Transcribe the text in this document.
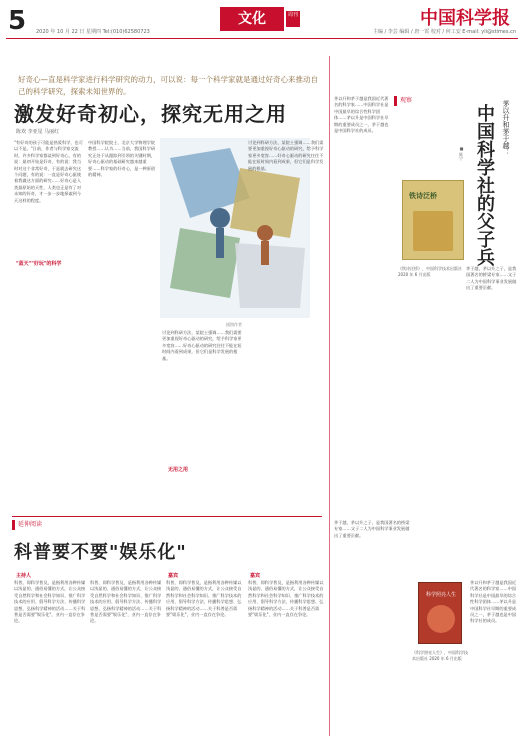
5 2020 年 10 月 22 日 星期四 Tel:(010)62580723
文化	周刊	中国科学报
主编 / 李芸 编辑 / 唐一霄 校对 / 何工安 E-mail: yli@stimes.cn
好奇心—直是科学家进行科学研究的动力，可以说：每一个科学家就是通过好奇心来推动自己的科学研究，探索未知世界的。
激发好奇初心，探究无用之用
陈欢 李亚星 马丽红
插图作者
"蓝天""好玩"的科学
"有好奇的孩子可能是热爱科学，也可以不是。"日前，作者与科学家交流时，许多科学家都谈到好奇心，有的说：最初开始是好奇，有的说：我当时对这个非常好奇，于是就去研究这个问题，有的说：一直是好奇心驱使着我做这方面的研究……好奇心是人类最原始的天性，人类也正是有了对未知的好奇，才一步一步地探索到今天这样的程度。
中国科学院院士、北京大学物理学院教授……认为……当前，我国科学研究正处于从跟踪到引领的关键时期，好奇心驱动的基础研究越来越重要……科学家的好奇心，是一种原创的精神。
讨论到科研方法，某院士强调……我们需要更加重视好奇心驱动的研究，给予科学家更多宽容……好奇心驱动的研究往往不能在短时间内看到成果，但它们是科学发展的根基。
无用之用
讨论到科研方法，某院士强调……我们需要更加重视好奇心驱动的研究，给予科学家更多宽容……好奇心驱动的研究往往不能在短时间内看到成果，但它们是科学发展的根基。
延伸阅读
科普要不要"娱乐化"
主持人
科普，即科学普及，是指利用各种传媒以浅显的、通俗易懂的方式，让公众接受自然科学和社会科学知识、推广科学技术的应用、倡导科学方法、传播科学思想、弘扬科学精神的活动……关于科普是否需要"娱乐化"，业内一直存在争论。
科普，即科学普及，是指利用各种传媒以浅显的、通俗易懂的方式，让公众接受自然科学和社会科学知识、推广科学技术的应用、倡导科学方法、传播科学思想、弘扬科学精神的活动……关于科普是否需要"娱乐化"，业内一直存在争论。
嘉宾
科普，即科学普及，是指利用各种传媒以浅显的、通俗易懂的方式，让公众接受自然科学和社会科学知识、推广科学技术的应用、倡导科学方法、传播科学思想、弘扬科学精神的活动……关于科普是否需要"娱乐化"，业内一直存在争论。
嘉宾
科普，即科学普及，是指利用各种传媒以浅显的、通俗易懂的方式，让公众接受自然科学和社会科学知识、推广科学技术的应用、倡导科学方法、传播科学思想、弘扬科学精神的活动……关于科普是否需要"娱乐化"，业内一直存在争论。
观察
茅以升和茅于越是我国近代著名的科学家……中国科学社是中国最早的综合性科学团体……茅以升是中国科学社早期的重要成员之一，茅于越也是中国科学社的成员。	茅以升和茅于越：
中国科学社的父子兵
■ 陈宁
铁诗泛桥
《铁诗泛桥》，中国科学技术出版社 2020 年 6 月出版
茅于越，茅以升之子，是我国著名的桥梁专家……父子二人为中国科学事业发展做出了重要贡献。
茅于越，茅以升之子，是我国著名的桥梁专家……父子二人为中国科学事业发展做出了重要贡献。
科学照亮人生
《科学照亮人生》，中国科学技术出版社 2020 年 6 月出版
茅以升和茅于越是我国近代著名的科学家……中国科学社是中国最早的综合性科学团体……茅以升是中国科学社早期的重要成员之一，茅于越也是中国科学社的成员。
